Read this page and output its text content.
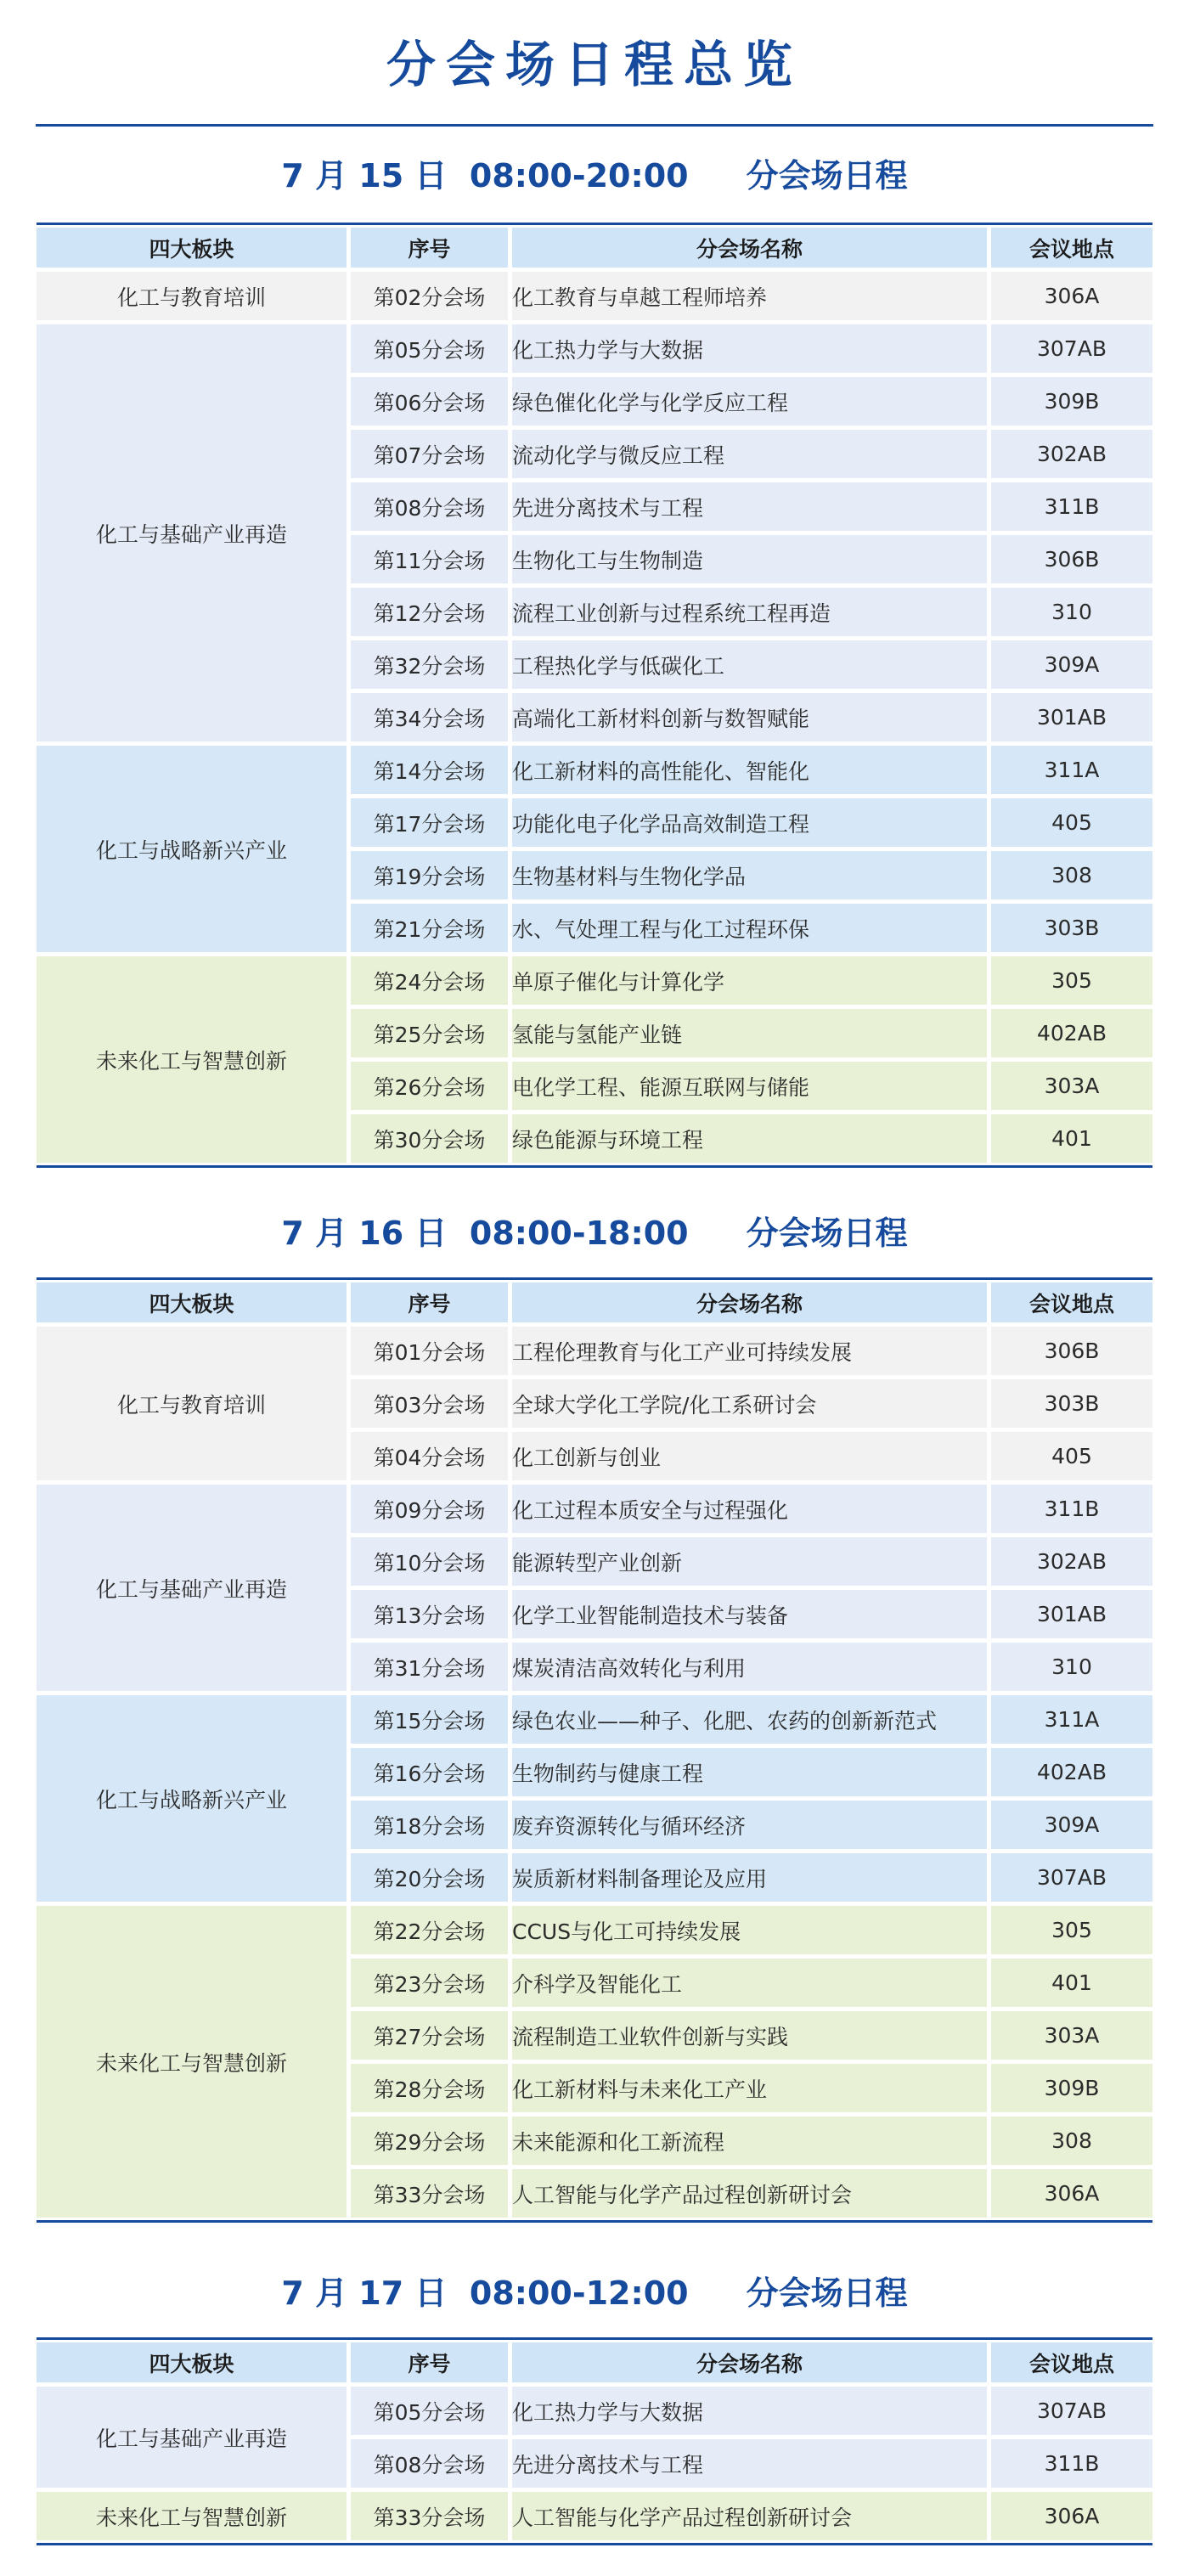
分会场日程总览
7 月 15 日 08:00-20:00 分会场日程
四大板块	序号	分会场名称	会议地点
化工与教育培训	第02分会场	化工教育与卓越工程师培养	306A
化工与基础产业再造	第05分会场	化工热力学与大数据	307AB
	第06分会场	绿色催化化学与化学反应工程	309B
	第07分会场	流动化学与微反应工程	302AB
	第08分会场	先进分离技术与工程	311B
	第11分会场	生物化工与生物制造	306B
	第12分会场	流程工业创新与过程系统工程再造	310
	第32分会场	工程热化学与低碳化工	309A
	第34分会场	高端化工新材料创新与数智赋能	301AB
化工与战略新兴产业	第14分会场	化工新材料的高性能化、智能化	311A
	第17分会场	功能化电子化学品高效制造工程	405
	第19分会场	生物基材料与生物化学品	308
	第21分会场	水、气处理工程与化工过程环保	303B
未来化工与智慧创新	第24分会场	单原子催化与计算化学	305
	第25分会场	氢能与氢能产业链	402AB
	第26分会场	电化学工程、能源互联网与储能	303A
	第30分会场	绿色能源与环境工程	401
7 月 16 日 08:00-18:00 分会场日程
四大板块	序号	分会场名称	会议地点
化工与教育培训	第01分会场	工程伦理教育与化工产业可持续发展	306B
	第03分会场	全球大学化工学院/化工系研讨会	303B
	第04分会场	化工创新与创业	405
化工与基础产业再造	第09分会场	化工过程本质安全与过程强化	311B
	第10分会场	能源转型产业创新	302AB
	第13分会场	化学工业智能制造技术与装备	301AB
	第31分会场	煤炭清洁高效转化与利用	310
化工与战略新兴产业	第15分会场	绿色农业——种子、化肥、农药的创新新范式	311A
	第16分会场	生物制药与健康工程	402AB
	第18分会场	废弃资源转化与循环经济	309A
	第20分会场	炭质新材料制备理论及应用	307AB
未来化工与智慧创新	第22分会场	CCUS与化工可持续发展	305
	第23分会场	介科学及智能化工	401
	第27分会场	流程制造工业软件创新与实践	303A
	第28分会场	化工新材料与未来化工产业	309B
	第29分会场	未来能源和化工新流程	308
	第33分会场	人工智能与化学产品过程创新研讨会	306A
7 月 17 日 08:00-12:00 分会场日程
四大板块	序号	分会场名称	会议地点
化工与基础产业再造	第05分会场	化工热力学与大数据	307AB
	第08分会场	先进分离技术与工程	311B
未来化工与智慧创新	第33分会场	人工智能与化学产品过程创新研讨会	306A
